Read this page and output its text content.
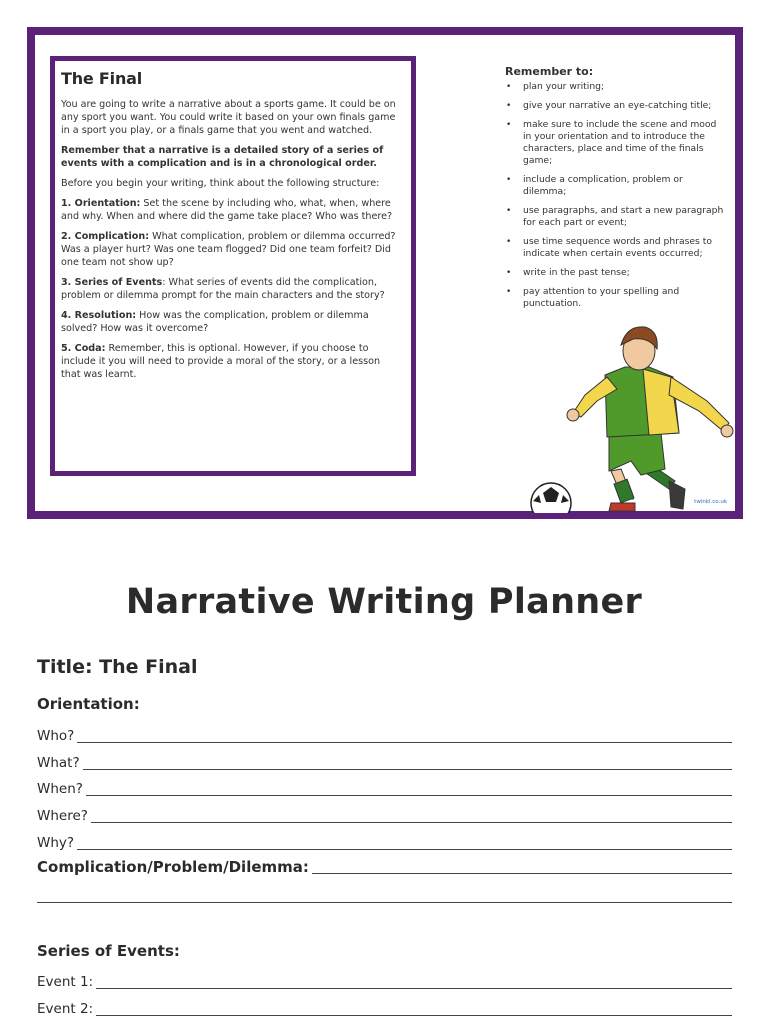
The Final

You are going to write a narrative about a sports game. It could be on any sport you want. You could write it based on your own finals game in a sport you play, or a finals game that you went and watched.

Remember that a narrative is a detailed story of a series of events with a complication and is in a chronological order.

Before you begin your writing, think about the following structure:

1. Orientation: Set the scene by including who, what, when, where and why. When and where did the game take place? Who was there?

2. Complication: What complication, problem or dilemma occurred? Was a player hurt? Was one team flogged? Did one team forfeit? Did one team not show up?

3. Series of Events: What series of events did the complication, problem or dilemma prompt for the main characters and the story?

4. Resolution: How was the complication, problem or dilemma solved? How was it overcome?

5. Coda: Remember, this is optional. However, if you choose to include it you will need to provide a moral of the story, or a lesson that was learnt.

Remember to:
• plan your writing;
• give your narrative an eye-catching title;
• make sure to include the scene and mood in your orientation and to introduce the characters, place and time of the finals game;
• include a complication, problem or dilemma;
• use paragraphs, and start a new paragraph for each part or event;
• use time sequence words and phrases to indicate when certain events occurred;
• write in the past tense;
• pay attention to your spelling and punctuation.
twinkl.co.uk
Narrative Writing Planner
Title: The Final
Orientation:
Who?
What?
When?
Where?
Why?
Complication/Problem/Dilemma:
Series of Events:
Event 1:
Event 2:
